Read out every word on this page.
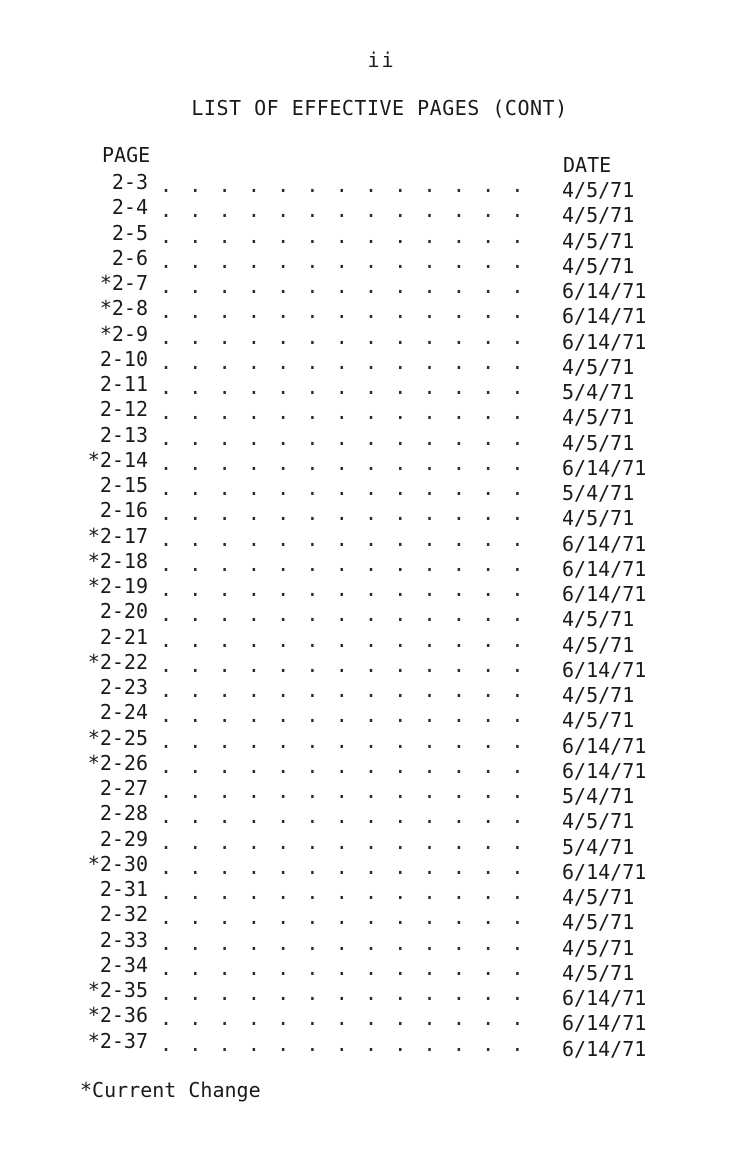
ii
LIST OF EFFECTIVE PAGES (CONT)
PAGE	DATE
2-3 . . .	4/5/71
2-4 . . .	4/5/71
2-5 . . .	4/5/71
2-6 . . .	4/5/71
*2-7 . . .	6/14/71
*2-8 . . .	6/14/71
*2-9 . . .	6/14/71
2-10 . . .	4/5/71
2-11 . . .	5/4/71
2-12 . . .	4/5/71
2-13 . . .	4/5/71
*2-14 . . .	6/14/71
2-15 . . .	5/4/71
2-16 . . .	4/5/71
*2-17 . . .	6/14/71
*2-18 . . .	6/14/71
*2-19 . . .	6/14/71
2-20 . . .	4/5/71
2-21 . . .	4/5/71
*2-22 . . .	6/14/71
2-23 . . .	4/5/71
2-24 . . .	4/5/71
*2-25 . . .	6/14/71
*2-26 . . .	6/14/71
2-27 . . .	5/4/71
2-28 . . .	4/5/71
2-29 . . .	5/4/71
*2-30 . . .	6/14/71
2-31 . . .	4/5/71
2-32 . . .	4/5/71
2-33 . . .	4/5/71
2-34 . . .	4/5/71
*2-35 . . .	6/14/71
*2-36 . . .	6/14/71
*2-37 . . .	6/14/71
*Current Change
